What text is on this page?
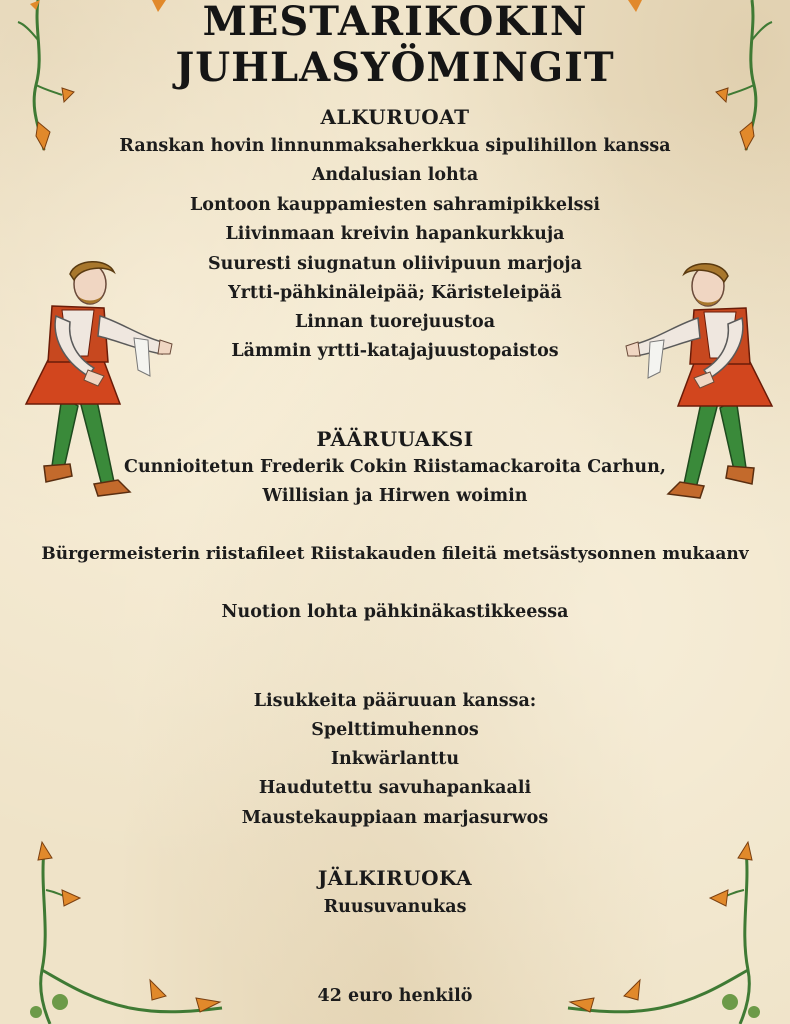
MESTARIKOKIN
JUHLASYÖMINGIT
ALKURUOAT
Ranskan hovin linnunmaksaherkkua sipulihillon kanssa
Andalusian lohta
Lontoon kauppamiesten sahramipikkelssi
Liivinmaan kreivin hapankurkkuja
Suuresti siugnatun oliivipuun marjoja
Yrtti-pähkinäleipää; Käristeleipää
Linnan tuorejuustoa
Lämmin yrtti-katajajuustopaistos
PÄÄRUUAKSI
Cunnioitetun Frederik Cokin Riistamackaroita Carhun,
Willisian ja Hirwen woimin
Bürgermeisterin riistafileet Riistakauden fileitä metsästysonnen mukaanv
Nuotion lohta pähkinäkastikkeessa
Lisukkeita pääruuan kanssa:
Spelttimuhennos
Inkwärlanttu
Haudutettu savuhapankaali
Maustekauppiaan marjasurwos
JÄLKIRUOKA
Ruusuvanukas
42 euro henkilö
